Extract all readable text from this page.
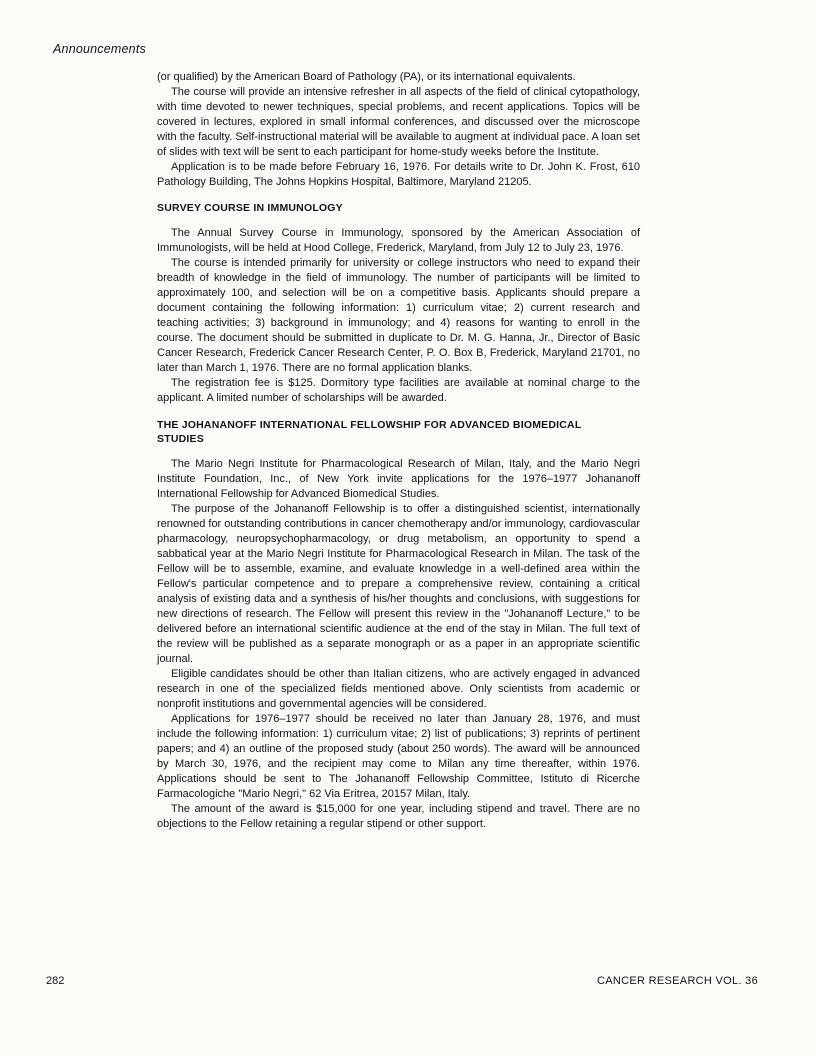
Announcements

(or qualified) by the American Board of Pathology (PA), or its international equivalents.

The course will provide an intensive refresher in all aspects of the field of clinical cytopathology, with time devoted to newer techniques, special problems, and recent applications. Topics will be covered in lectures, explored in small informal conferences, and discussed over the microscope with the faculty. Self-instructional material will be available to augment at individual pace. A loan set of slides with text will be sent to each participant for home-study weeks before the Institute.

Application is to be made before February 16, 1976. For details write to Dr. John K. Frost, 610 Pathology Building, The Johns Hopkins Hospital, Baltimore, Maryland 21205.

SURVEY COURSE IN IMMUNOLOGY

The Annual Survey Course in Immunology, sponsored by the American Association of Immunologists, will be held at Hood College, Frederick, Maryland, from July 12 to July 23, 1976.

The course is intended primarily for university or college instructors who need to expand their breadth of knowledge in the field of immunology. The number of participants will be limited to approximately 100, and selection will be on a competitive basis. Applicants should prepare a document containing the following information: 1) curriculum vitae; 2) current research and teaching activities; 3) background in immunology; and 4) reasons for wanting to enroll in the course. The document should be submitted in duplicate to Dr. M. G. Hanna, Jr., Director of Basic Cancer Research, Frederick Cancer Research Center, P. O. Box B, Frederick, Maryland 21701, no later than March 1, 1976. There are no formal application blanks.

The registration fee is $125. Dormitory type facilities are available at nominal charge to the applicant. A limited number of scholarships will be awarded.

THE JOHANANOFF INTERNATIONAL FELLOWSHIP FOR ADVANCED BIOMEDICAL STUDIES

The Mario Negri Institute for Pharmacological Research of Milan, Italy, and the Mario Negri Institute Foundation, Inc., of New York invite applications for the 1976–1977 Johananoff International Fellowship for Advanced Biomedical Studies.

The purpose of the Johananoff Fellowship is to offer a distinguished scientist, internationally renowned for outstanding contributions in cancer chemotherapy and/or immunology, cardiovascular pharmacology, neuropsychopharmacology, or drug metabolism, an opportunity to spend a sabbatical year at the Mario Negri Institute for Pharmacological Research in Milan. The task of the Fellow will be to assemble, examine, and evaluate knowledge in a well-defined area within the Fellow's particular competence and to prepare a comprehensive review, containing a critical analysis of existing data and a synthesis of his/her thoughts and conclusions, with suggestions for new directions of research. The Fellow will present this review in the "Johananoff Lecture," to be delivered before an international scientific audience at the end of the stay in Milan. The full text of the review will be published as a separate monograph or as a paper in an appropriate scientific journal.

Eligible candidates should be other than Italian citizens, who are actively engaged in advanced research in one of the specialized fields mentioned above. Only scientists from academic or nonprofit institutions and governmental agencies will be considered.

Applications for 1976–1977 should be received no later than January 28, 1976, and must include the following information: 1) curriculum vitae; 2) list of publications; 3) reprints of pertinent papers; and 4) an outline of the proposed study (about 250 words). The award will be announced by March 30, 1976, and the recipient may come to Milan any time thereafter, within 1976. Applications should be sent to The Johananoff Fellowship Committee, Istituto di Ricerche Farmacologiche "Mario Negri," 62 Via Eritrea, 20157 Milan, Italy.

The amount of the award is $15,000 for one year, including stipend and travel. There are no objections to the Fellow retaining a regular stipend or other support.

282	CANCER RESEARCH VOL. 36
